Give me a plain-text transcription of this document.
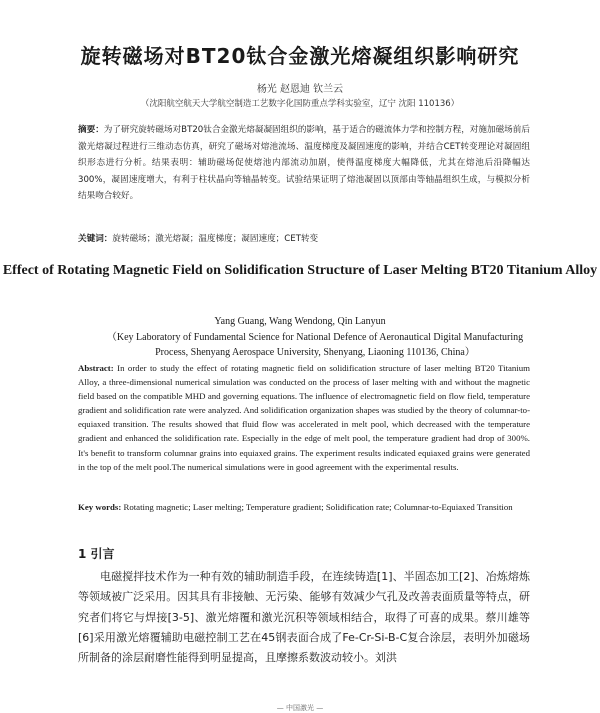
旋转磁场对BT20钛合金激光熔凝组织影响研究
杨光 赵恩迪 钦兰云
（沈阳航空航天大学航空制造工艺数字化国防重点学科实验室，辽宁 沈阳 110136）
摘要：为了研究旋转磁场对BT20钛合金激光熔凝凝固组织的影响，基于适合的磁流体力学和控制方程，对施加磁场前后激光熔凝过程进行三维动态仿真，研究了磁场对熔池流场、温度梯度及凝固速度的影响，并结合CET转变理论对凝固组织形态进行分析。结果表明：辅助磁场促使熔池内部流动加剧，使得温度梯度大幅降低，尤其在熔池后沿降幅达300%，凝固速度增大，有利于柱状晶向等轴晶转变。试验结果证明了熔池凝固以顶部由等轴晶组织生成，与模拟分析结果吻合较好。
关键词：旋转磁场；激光熔凝；温度梯度；凝固速度；CET转变
Effect of Rotating Magnetic Field on Solidification Structure of Laser Melting BT20 Titanium Alloy
Yang Guang, Wang Wendong, Qin Lanyun
（Key Laboratory of Fundamental Science for National Defence of Aeronautical Digital Manufacturing Process, Shenyang Aerospace University, Shenyang, Liaoning 110136, China）
Abstract: In order to study the effect of rotating magnetic field on solidification structure of laser melting BT20 Titanium Alloy, a three-dimensional numerical simulation was conducted on the process of laser melting with and without the magnetic field based on the compatible MHD and governing equations. The influence of electromagnetic field on flow field, temperature gradient and solidification rate were analyzed. And solidification organization shapes was studied by the theory of columnar-to-equiaxed transition. The results showed that fluid flow was accelerated in melt pool, which decreased with the temperature gradient and enhanced the solidification rate. Especially in the edge of melt pool, the temperature gradient had drop of 300%. It's benefit to transform columnar grains into equiaxed grains. The experiment results indicated equiaxed grains were generated in the top of the melt pool.The numerical simulations were in good agreement with the experimental results.
Key words: Rotating magnetic; Laser melting; Temperature gradient; Solidification rate; Columnar-to-Equiaxed Transition
1 引言
电磁搅拌技术作为一种有效的辅助制造手段，在连续铸造[1]、半固态加工[2]、冶炼熔炼等领域被广泛采用。因其具有非接触、无污染、能够有效减少气孔及改善表面质量等特点，研究者们将它与焊接[3-5]、激光熔覆和激光沉积等领域相结合，取得了可喜的成果。蔡川雄等[6]采用激光熔覆辅助电磁控制工艺在45钢表面合成了Fe-Cr-Si-B-C复合涂层，表明外加磁场所制备的涂层耐磨性能得到明显提高，且摩擦系数波动较小。刘洪
— 中国激光 —
